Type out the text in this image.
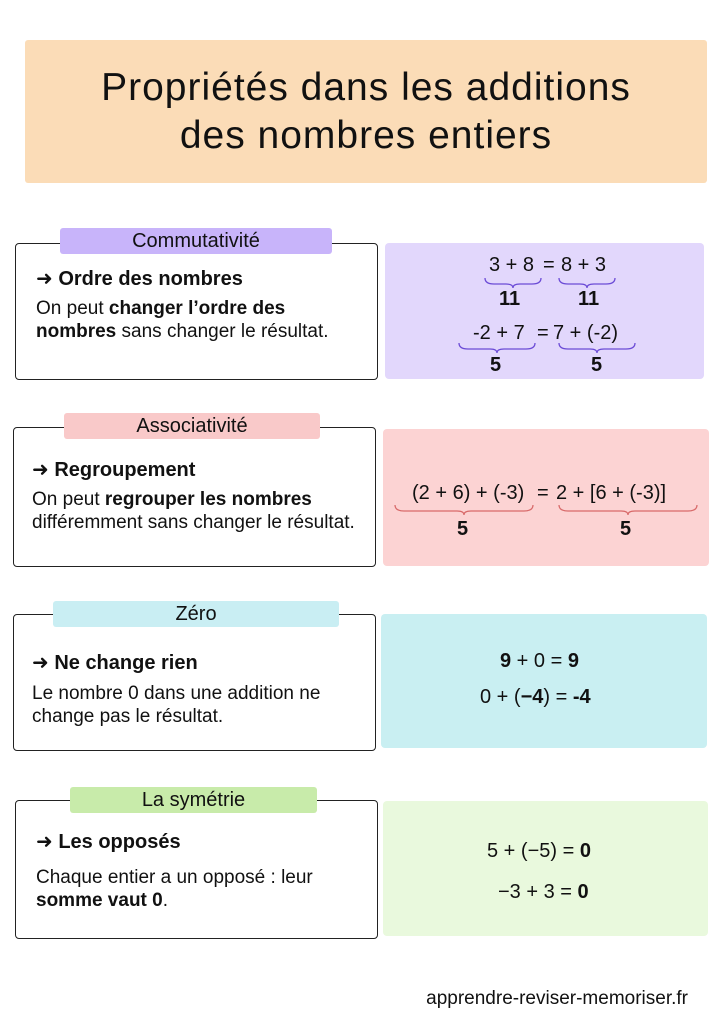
Propriétés dans les additions
des nombres entiers
Commutativité
➜ Ordre des nombres
On peut changer l’ordre des nombres sans changer le résultat.
3 + 8 = 8 + 3
11	11
-2 + 7 = 7 + (-2)
5	5
Associativité
➜ Regroupement
On peut regrouper les nombres différemment sans changer le résultat.
(2 + 6) + (-3) = 2 + [6 + (-3)]
5	5
Zéro
➜ Ne change rien
Le nombre 0 dans une addition ne change pas le résultat.
9 + 0 = 9
0 + (−4) = -4
La symétrie
➜ Les opposés
Chaque entier a un opposé : leur somme vaut 0.
5 + (−5) = 0
−3 + 3 = 0
apprendre-reviser-memoriser.fr
